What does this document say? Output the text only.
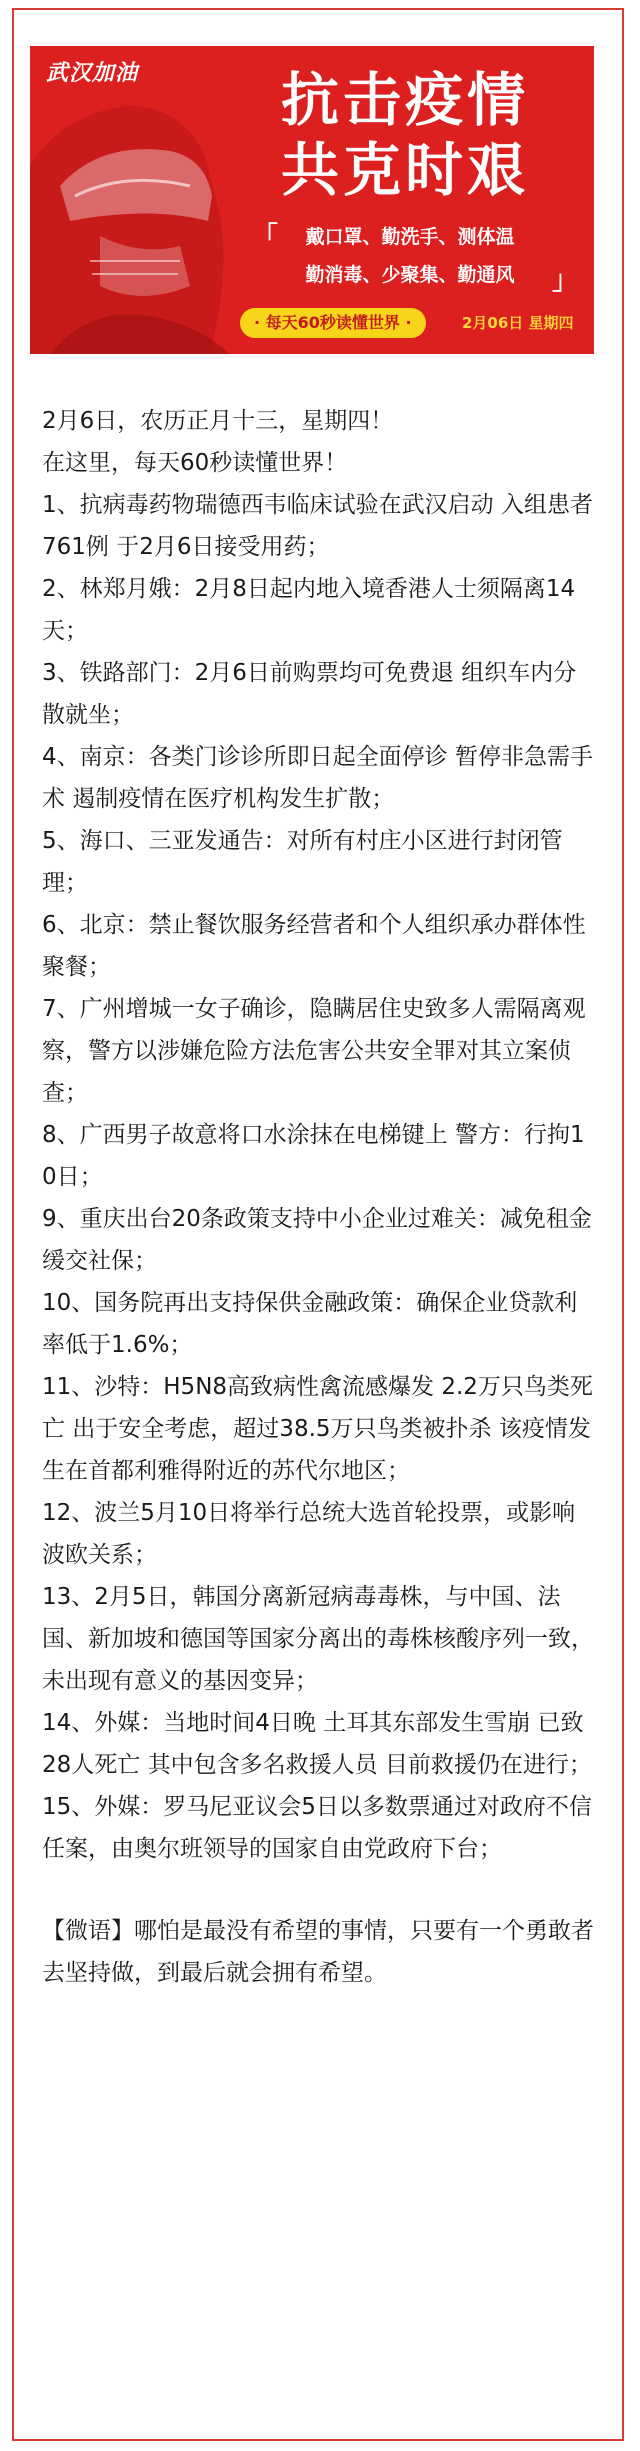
武汉加油	抗击疫情
共克时艰
「	戴口罩、勤洗手、测体温
勤消毒、少聚集、勤通风	」
· 每天60秒读懂世界 ·	2月06日 星期四

2月6日，农历正月十三，星期四！

在这里，每天60秒读懂世界！

1、抗病毒药物瑞德西韦临床试验在武汉启动 入组患者761例 于2月6日接受用药；

2、林郑月娥：2月8日起内地入境香港人士须隔离14天；

3、铁路部门：2月6日前购票均可免费退 组织车内分散就坐；

4、南京：各类门诊诊所即日起全面停诊 暂停非急需手术 遏制疫情在医疗机构发生扩散；

5、海口、三亚发通告：对所有村庄小区进行封闭管理；

6、北京：禁止餐饮服务经营者和个人组织承办群体性聚餐；

7、广州增城一女子确诊，隐瞒居住史致多人需隔离观察，警方以涉嫌危险方法危害公共安全罪对其立案侦查；

8、广西男子故意将口水涂抹在电梯键上 警方：行拘10日；

9、重庆出台20条政策支持中小企业过难关：减免租金缓交社保；

10、国务院再出支持保供金融政策：确保企业贷款利率低于1.6%；

11、沙特：H5N8高致病性禽流感爆发 2.2万只鸟类死亡 出于安全考虑，超过38.5万只鸟类被扑杀 该疫情发生在首都利雅得附近的苏代尔地区；

12、波兰5月10日将举行总统大选首轮投票，或影响波欧关系；

13、2月5日，韩国分离新冠病毒毒株，与中国、法国、新加坡和德国等国家分离出的毒株核酸序列一致，未出现有意义的基因变异；

14、外媒：当地时间4日晚 土耳其东部发生雪崩 已致28人死亡 其中包含多名救援人员 目前救援仍在进行；

15、外媒：罗马尼亚议会5日以多数票通过对政府不信任案，由奥尔班领导的国家自由党政府下台；

【微语】哪怕是最没有希望的事情，只要有一个勇敢者去坚持做，到最后就会拥有希望。
